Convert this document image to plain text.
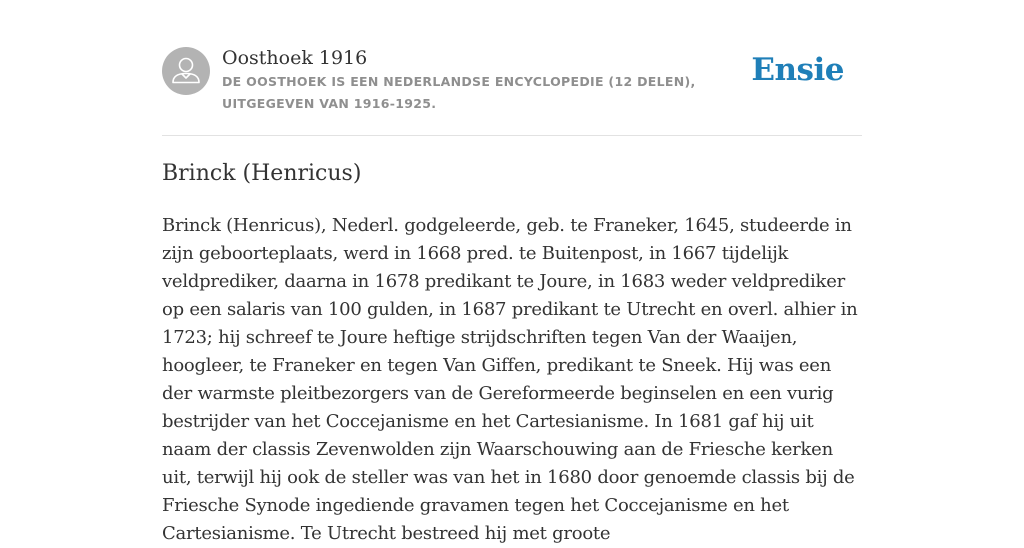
Oosthoek 1916
DE OOSTHOEK IS EEN NEDERLANDSE ENCYCLOPEDIE (12 DELEN), UITGEGEVEN VAN 1916-1925.
Ensie
Brinck (Henricus)

Brinck (Henricus), Nederl. godgeleerde, geb. te Franeker, 1645, studeerde in zijn geboorteplaats, werd in 1668 pred. te Buitenpost, in 1667 tijdelijk veldprediker, daarna in 1678 predikant te Joure, in 1683 weder veldprediker op een salaris van 100 gulden, in 1687 predikant te Utrecht en overl. alhier in 1723; hij schreef te Joure heftige strijdschriften tegen Van der Waaijen, hoogleer, te Franeker en tegen Van Giffen, predikant te Sneek. Hij was een der warmste pleitbezorgers van de Gereformeerde beginselen en een vurig bestrijder van het Coccejanisme en het Cartesianisme. In 1681 gaf hij uit naam der classis Zevenwolden zijn Waarschouwing aan de Friesche kerken uit, terwijl hij ook de steller was van het in 1680 door genoemde classis bij de Friesche Synode ingediende gravamen tegen het Coccejanisme en het Cartesianisme. Te Utrecht bestreed hij met groote
